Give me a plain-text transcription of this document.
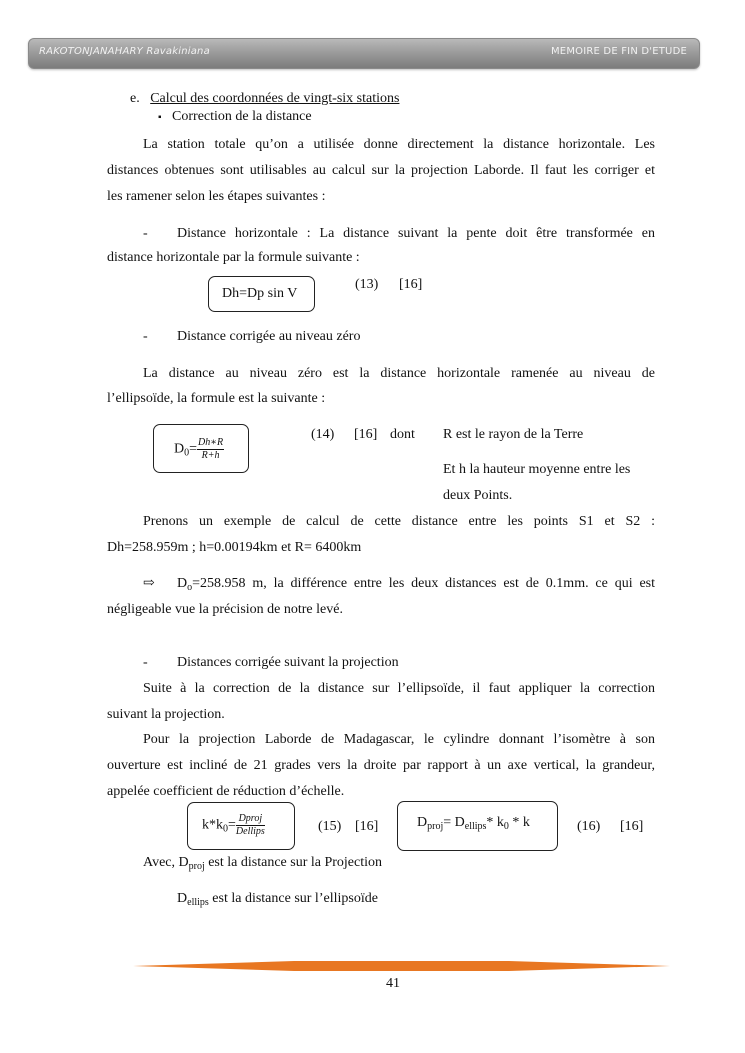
RAKOTONJANAHARY Ravakiniana	MEMOIRE DE FIN D'ETUDE
e. Calcul des coordonnées de vingt-six stations
▪ Correction de la distance
La station totale qu’on a utilisée donne directement la distance horizontale. Les
distances obtenues sont utilisables au calcul sur la projection Laborde. Il faut les corriger et
les ramener selon les étapes suivantes :
- Distance horizontale : La distance suivant la pente doit être transformée en
distance horizontale par la formule suivante :
Dh=Dp sin V
(13) [16]
- Distance corrigée au niveau zéro
La distance au niveau zéro est la distance horizontale ramenée au niveau de
l’ellipsoïde, la formule est la suivante :
$D_0= \frac{Dh∗R}{R+h}$
(14) [16] dont R est le rayon de la Terre
Et h la hauteur moyenne entre les
deux Points.
Prenons un exemple de calcul de cette distance entre les points S1 et S2 :
Dh=258.959m ; h=0.00194km et R= 6400km
⇨ $D_o=258.958$ m, la différence entre les deux distances est de 0.1mm. ce qui est
négligeable vue la précision de notre levé.
- Distances corrigée suivant la projection
Suite à la correction de la distance sur l’ellipsoïde, il faut appliquer la correction
suivant la projection.
Pour la projection Laborde de Madagascar, le cylindre donnant l’isomètre à son
ouverture est incliné de 21 grades vers la droite par rapport à un axe vertical, la grandeur,
appelée coefficient de réduction d’échelle.
$k*k_0= \frac{\text{Dproj}}{\text{Dellips}}$	(15) [16]	$D_{proj}= D_{ellips}*$ $k_0$ * k	(16) [16]
Avec, $D_{proj}$ est la distance sur la Projection
$D_{ellips}$ est la distance sur l’ellipsoïde
41
